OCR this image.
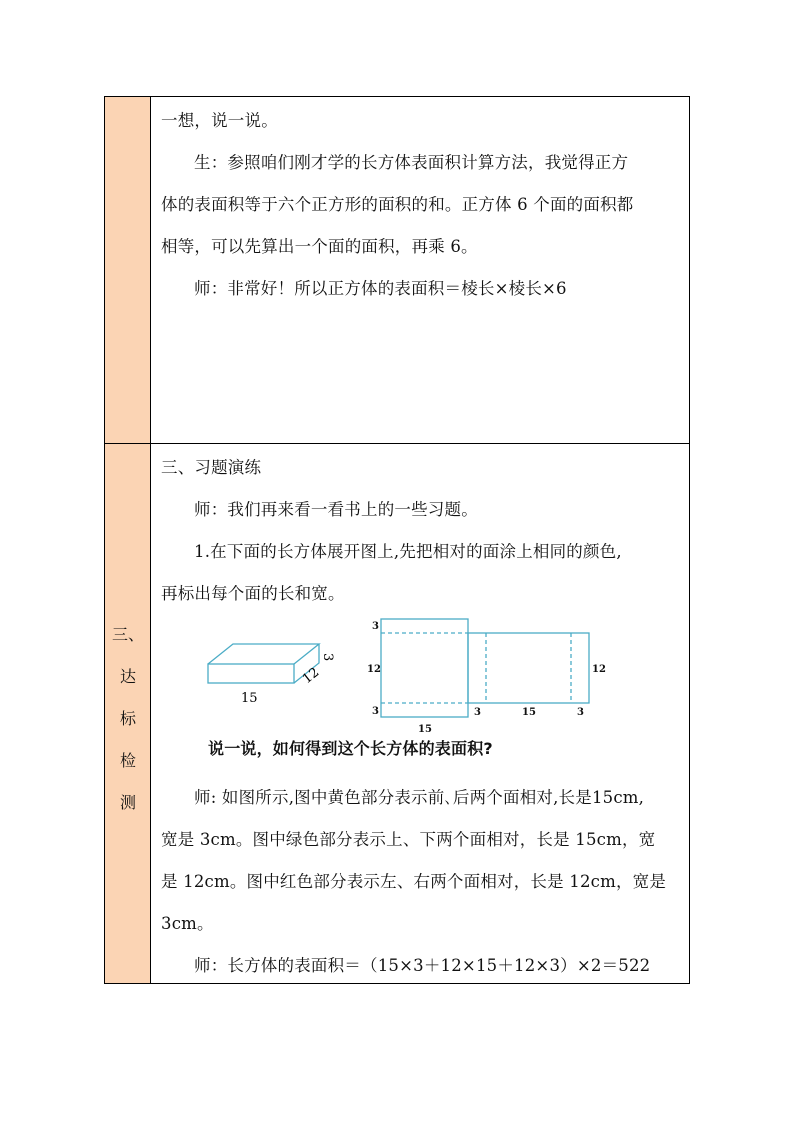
一想，说一说。
生：参照咱们刚才学的长方体表面积计算方法，我觉得正方
体的表面积等于六个正方形的面积的和。正方体 6 个面的面积都
相等，可以先算出一个面的面积，再乘 6。
师：非常好！所以正方体的表面积＝棱长×棱长×6
三、
达
标
检
测
三、习题演练
师：我们再来看一看书上的一些习题。
1.在下面的长方体展开图上,先把相对的面涂上相同的颜色,
再标出每个面的长和宽。
15
12
3
3
12
3
12
15
3	15	3
说一说，如何得到这个长方体的表面积?
师: 如图所示,图中黄色部分表示前､后两个面相对,长是15cm,
宽是 3cm。图中绿色部分表示上、下两个面相对，长是 15cm，宽
是 12cm。图中红色部分表示左、右两个面相对，长是 12cm，宽是
3cm。
师：长方体的表面积＝（15×3＋12×15＋12×3）×2＝522
